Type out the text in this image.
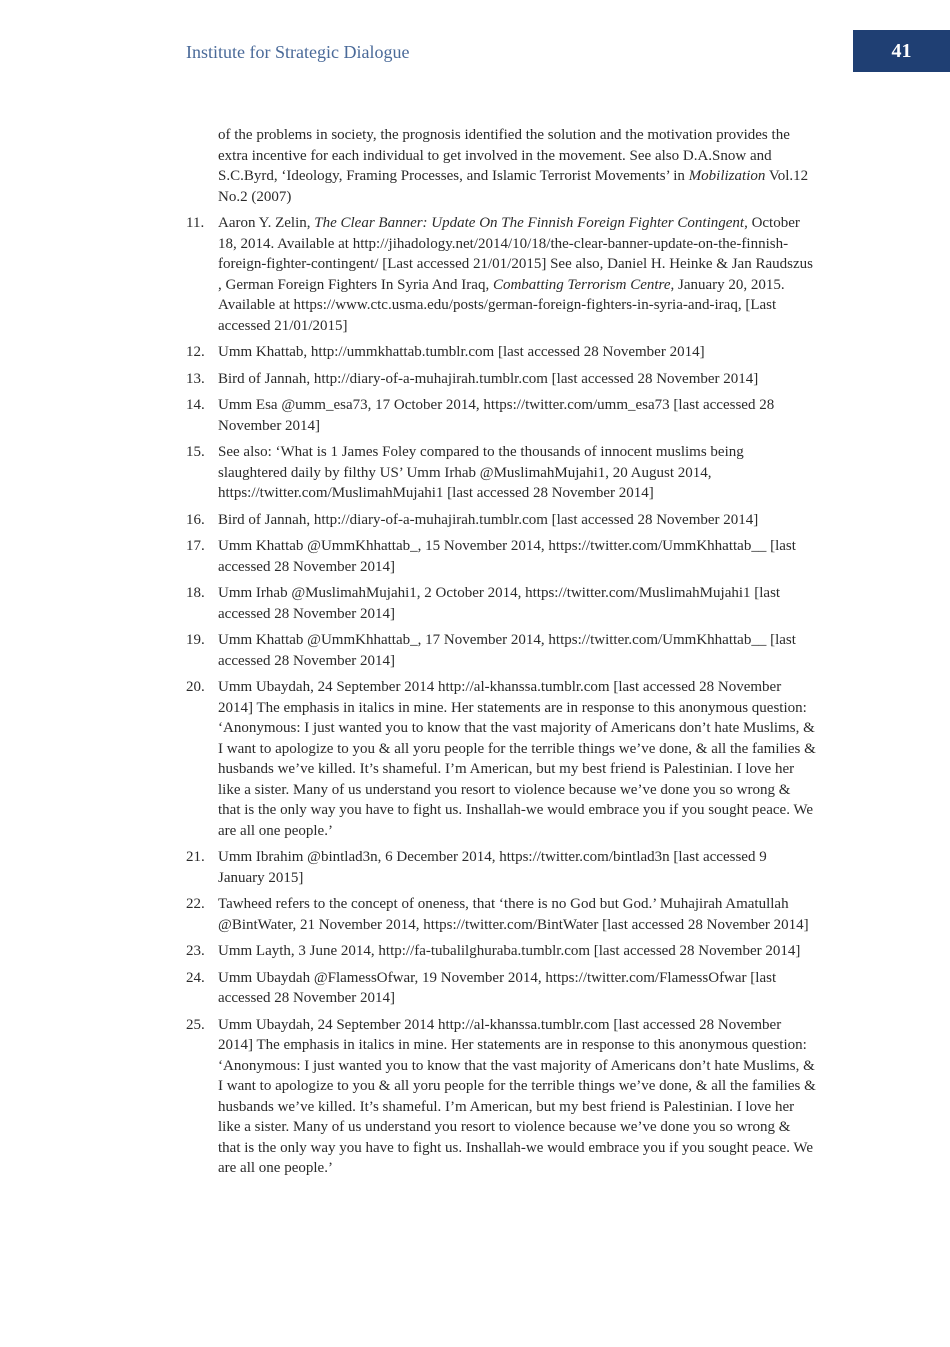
Institute for Strategic Dialogue	41
of the problems in society, the prognosis identified the solution and the motivation provides the extra incentive for each individual to get involved in the movement. See also D.A.Snow and S.C.Byrd, ‘Ideology, Framing Processes, and Islamic Terrorist Movements’ in Mobilization Vol.12 No.2 (2007)
11. Aaron Y. Zelin, The Clear Banner: Update On The Finnish Foreign Fighter Contingent, October 18, 2014. Available at http://jihadology.net/2014/10/18/the-clear-banner-update-on-the-finnish-foreign-fighter-contingent/ [Last accessed 21/01/2015] See also, Daniel H. Heinke & Jan Raudszus , German Foreign Fighters In Syria And Iraq, Combatting Terrorism Centre, January 20, 2015. Available at https://www.ctc.usma.edu/posts/german-foreign-fighters-in-syria-and-iraq, [Last accessed 21/01/2015]
12. Umm Khattab, http://ummkhattab.tumblr.com [last accessed 28 November 2014]
13. Bird of Jannah, http://diary-of-a-muhajirah.tumblr.com [last accessed 28 November 2014]
14. Umm Esa @umm_esa73, 17 October 2014, https://twitter.com/umm_esa73 [last accessed 28 November 2014]
15. See also: ‘What is 1 James Foley compared to the thousands of innocent muslims being slaughtered daily by filthy US’ Umm Irhab @MuslimahMujahi1, 20 August 2014, https://twitter.com/MuslimahMujahi1 [last accessed 28 November 2014]
16. Bird of Jannah, http://diary-of-a-muhajirah.tumblr.com [last accessed 28 November 2014]
17. Umm Khattab @UmmKhhattab_, 15 November 2014, https://twitter.com/UmmKhhattab__ [last accessed 28 November 2014]
18. Umm Irhab @MuslimahMujahi1, 2 October 2014, https://twitter.com/MuslimahMujahi1 [last accessed 28 November 2014]
19. Umm Khattab @UmmKhhattab_, 17 November 2014, https://twitter.com/UmmKhhattab__ [last accessed 28 November 2014]
20. Umm Ubaydah, 24 September 2014 http://al-khanssa.tumblr.com [last accessed 28 November 2014] The emphasis in italics in mine. Her statements are in response to this anonymous question: ‘Anonymous: I just wanted you to know that the vast majority of Americans don’t hate Muslims, & I want to apologize to you & all yoru people for the terrible things we’ve done, & all the families & husbands we’ve killed. It’s shameful. I’m American, but my best friend is Palestinian. I love her like a sister. Many of us understand you resort to violence because we’ve done you so wrong & that is the only way you have to fight us. Inshallah-we would embrace you if you sought peace. We are all one people.’
21. Umm Ibrahim @bintlad3n, 6 December 2014, https://twitter.com/bintlad3n [last accessed 9 January 2015]
22. Tawheed refers to the concept of oneness, that ‘there is no God but God.’ Muhajirah Amatullah @BintWater, 21 November 2014, https://twitter.com/BintWater [last accessed 28 November 2014]
23. Umm Layth, 3 June 2014, http://fa-tubalilghuraba.tumblr.com [last accessed 28 November 2014]
24. Umm Ubaydah @FlamessOfwar, 19 November 2014, https://twitter.com/FlamessOfwar [last accessed 28 November 2014]
25. Umm Ubaydah, 24 September 2014 http://al-khanssa.tumblr.com [last accessed 28 November 2014] The emphasis in italics in mine. Her statements are in response to this anonymous question: ‘Anonymous: I just wanted you to know that the vast majority of Americans don’t hate Muslims, & I want to apologize to you & all yoru people for the terrible things we’ve done, & all the families & husbands we’ve killed. It’s shameful. I’m American, but my best friend is Palestinian. I love her like a sister. Many of us understand you resort to violence because we’ve done you so wrong & that is the only way you have to fight us. Inshallah-we would embrace you if you sought peace. We are all one people.’
